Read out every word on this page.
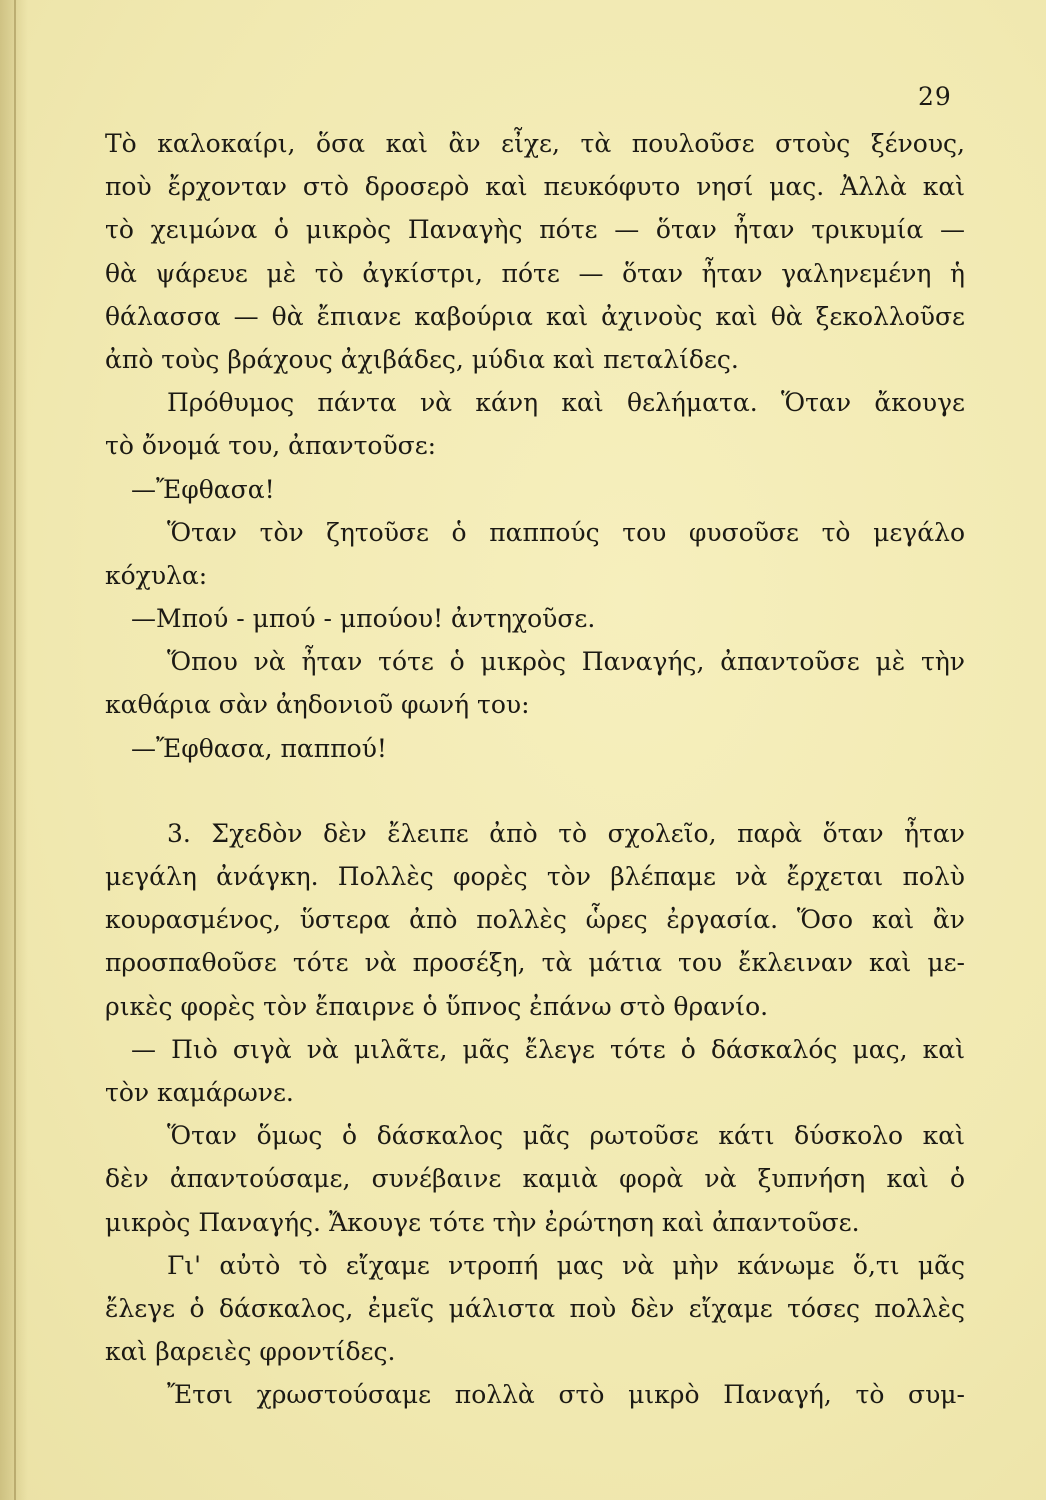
29
Τὸ καλοκαίρι, ὅσα καὶ ἂν εἶχε, τὰ πουλοῦσε στοὺς ξένους,
ποὺ ἔρχονταν στὸ δροσερὸ καὶ πευκόφυτο νησί μας. Ἀλλὰ καὶ
τὸ χειμώνα ὁ μικρὸς Παναγὴς πότε — ὅταν ἦταν τρικυμία —
θὰ ψάρευε μὲ τὸ ἀγκίστρι, πότε — ὅταν ἦταν γαληνεμένη ἡ
θάλασσα — θὰ ἔπιανε καβούρια καὶ ἀχινοὺς καὶ θὰ ξεκολλοῦσε
ἀπὸ τοὺς βράχους ἀχιβάδες, μύδια καὶ πεταλίδες.
Πρόθυμος πάντα νὰ κάνη καὶ θελήματα. Ὅταν ἄκουγε
τὸ ὄνομά του, ἀπαντοῦσε:
—Ἔφθασα!
Ὅταν τὸν ζητοῦσε ὁ παππούς του φυσοῦσε τὸ μεγάλο
κόχυλα:
—Μπού - μπού - μπούου! ἀντηχοῦσε.
Ὅπου νὰ ἦταν τότε ὁ μικρὸς Παναγής, ἀπαντοῦσε μὲ τὴν
καθάρια σὰν ἀηδονιοῦ φωνή του:
—Ἔφθασα, παππού!
3. Σχεδὸν δὲν ἔλειπε ἀπὸ τὸ σχολεῖο, παρὰ ὅταν ἦταν
μεγάλη ἀνάγκη. Πολλὲς φορὲς τὸν βλέπαμε νὰ ἔρχεται πολὺ
κουρασμένος, ὕστερα ἀπὸ πολλὲς ὧρες ἐργασία. Ὅσο καὶ ἂν
προσπαθοῦσε τότε νὰ προσέξη, τὰ μάτια του ἔκλειναν καὶ με-
ρικὲς φορὲς τὸν ἔπαιρνε ὁ ὕπνος ἐπάνω στὸ θρανίο.
— Πιὸ σιγὰ νὰ μιλᾶτε, μᾶς ἔλεγε τότε ὁ δάσκαλός μας, καὶ
τὸν καμάρωνε.
Ὅταν ὅμως ὁ δάσκαλος μᾶς ρωτοῦσε κάτι δύσκολο καὶ
δὲν ἀπαντούσαμε, συνέβαινε καμιὰ φορὰ νὰ ξυπνήση καὶ ὁ
μικρὸς Παναγής. Ἄκουγε τότε τὴν ἐρώτηση καὶ ἀπαντοῦσε.
Γι' αὐτὸ τὸ εἴχαμε ντροπή μας νὰ μὴν κάνωμε ὅ,τι μᾶς
ἔλεγε ὁ δάσκαλος, ἐμεῖς μάλιστα ποὺ δὲν εἴχαμε τόσες πολλὲς
καὶ βαρειὲς φροντίδες.
Ἔτσι χρωστούσαμε πολλὰ στὸ μικρὸ Παναγή, τὸ συμ-
